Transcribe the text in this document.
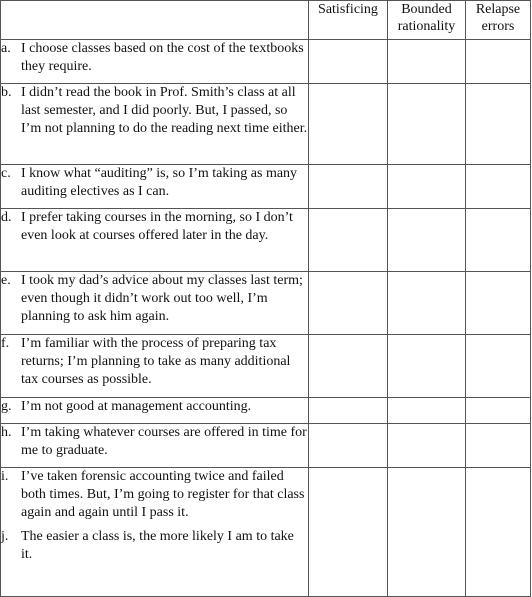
	Satisficing	Bounded rationality	Relapse errors

a. I choose classes based on the cost of the textbooks they require.			

b. I didn’t read the book in Prof. Smith’s class at all last semester, and I did poorly. But, I passed, so I’m not planning to do the reading next time either.			

c. I know what “auditing” is, so I’m taking as many auditing electives as I can.			

d. I prefer taking courses in the morning, so I don’t even look at courses offered later in the day.			

e. I took my dad’s advice about my classes last term; even though it didn’t work out too well, I’m planning to ask him again.			

f. I’m familiar with the process of preparing tax returns; I’m planning to take as many additional tax courses as possible.			

g. I’m not good at management accounting.			

h. I’m taking whatever courses are offered in time for me to graduate.			

i. I’ve taken forensic accounting twice and failed both times. But, I’m going to register for that class again and again until I pass it.
j. The easier a class is, the more likely I am to take it.			
